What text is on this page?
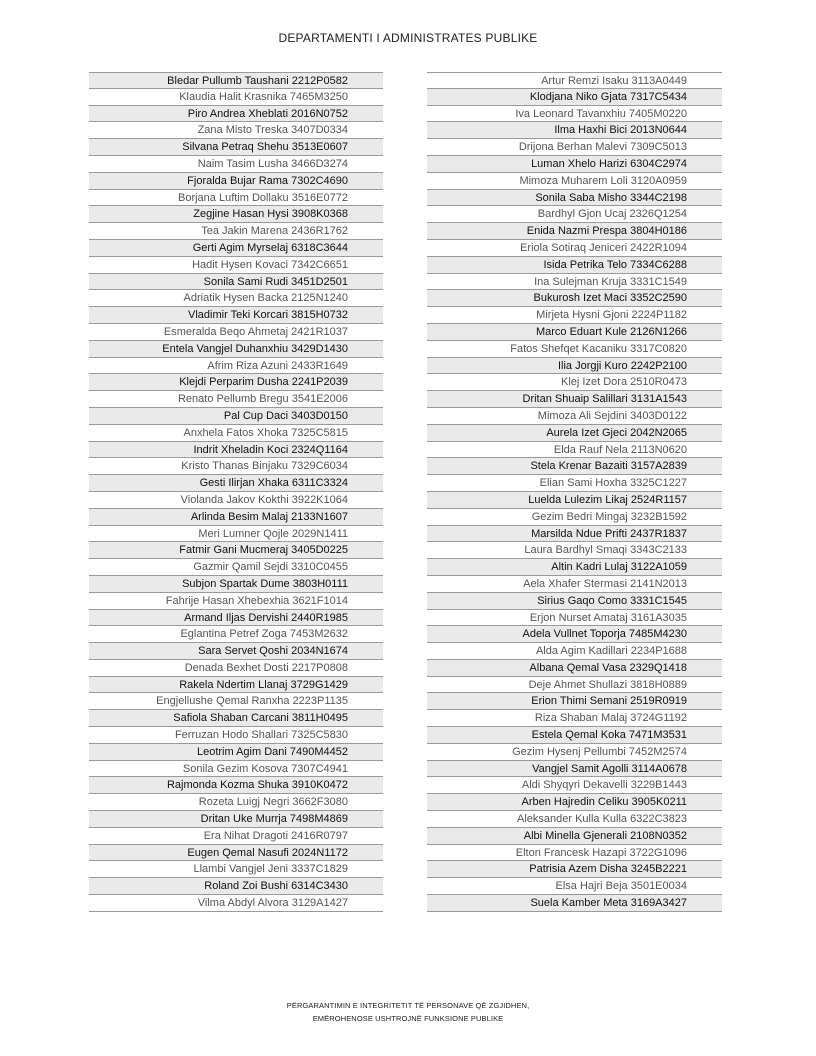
DEPARTAMENTI I ADMINISTRATES PUBLIKE
Bledar Pullumb Taushani 2212P0582
Klaudia Halit Krasnika 7465M3250
Piro Andrea Xheblati 2016N0752
Zana Misto Treska 3407D0334
Silvana Petraq Shehu 3513E0607
Naim Tasim Lusha 3466D3274
Fjoralda Bujar Rama 7302C4690
Borjana Luftim Dollaku 3516E0772
Zegjine Hasan Hysi 3908K0368
Tea Jakin Marena 2436R1762
Gerti Agim Myrselaj 6318C3644
Hadit Hysen Kovaci 7342C6651
Sonila Sami Rudi 3451D2501
Adriatik Hysen Backa 2125N1240
Vladimir Teki Korcari 3815H0732
Esmeralda Beqo Ahmetaj 2421R1037
Entela Vangjel Duhanxhiu 3429D1430
Afrim Riza Azuni 2433R1649
Klejdi Perparim Dusha 2241P2039
Renato Pellumb Bregu 3541E2006
Pal Cup Daci 3403D0150
Anxhela Fatos Xhoka 7325C5815
Indrit Xheladin Koci 2324Q1164
Kristo Thanas Binjaku 7329C6034
Gesti Ilirjan Xhaka 6311C3324
Violanda Jakov Kokthi 3922K1064
Arlinda Besim Malaj 2133N1607
Meri Lumner Qojle 2029N1411
Fatmir Gani Mucmeraj 3405D0225
Gazmir Qamil Sejdi 3310C0455
Subjon Spartak Dume 3803H0111
Fahrije Hasan Xhebexhia 3621F1014
Armand Iljas Dervishi 2440R1985
Eglantina Petref Zoga 7453M2632
Sara Servet Qoshi 2034N1674
Denada Bexhet Dosti 2217P0808
Rakela Ndertim Llanaj 3729G1429
Engjellushe Qemal Ranxha 2223P1135
Safiola Shaban Carcani 3811H0495
Ferruzan Hodo Shallari 7325C5830
Leotrim Agim Dani 7490M4452
Sonila Gezim Kosova 7307C4941
Rajmonda Kozma Shuka 3910K0472
Rozeta Luigj Negri 3662F3080
Dritan Uke Murrja 7498M4869
Era Nihat Dragoti 2416R0797
Eugen Qemal Nasufi 2024N1172
Llambi Vangjel Jeni 3337C1829
Roland Zoi Bushi 6314C3430
Vilma Abdyl Alvora 3129A1427
Artur Remzi Isaku 3113A0449
Klodjana Niko Gjata 7317C5434
Iva Leonard Tavanxhiu 7405M0220
Ilma Haxhi Bici 2013N0644
Drijona Berhan Malevi 7309C5013
Luman Xhelo Harizi 6304C2974
Mimoza Muharem Loli 3120A0959
Sonila Saba Misho 3344C2198
Bardhyl Gjon Ucaj 2326Q1254
Enida Nazmi Prespa 3804H0186
Eriola Sotiraq Jeniceri 2422R1094
Isida Petrika Telo 7334C6288
Ina Sulejman Kruja 3331C1549
Bukurosh Izet Maci 3352C2590
Mirjeta Hysni Gjoni 2224P1182
Marco Eduart Kule 2126N1266
Fatos Shefqet Kacaniku 3317C0820
Ilia Jorgji Kuro 2242P2100
Klej Izet Dora 2510R0473
Dritan Shuaip Salillari 3131A1543
Mimoza Ali Sejdini 3403D0122
Aurela Izet Gjeci 2042N2065
Elda Rauf Nela 2113N0620
Stela Krenar Bazaiti 3157A2839
Elian Sami Hoxha 3325C1227
Luelda Lulezim Likaj 2524R1157
Gezim Bedri Mingaj 3232B1592
Marsilda Ndue Prifti 2437R1837
Laura Bardhyl Smaqi 3343C2133
Altin Kadri Lulaj 3122A1059
Aela Xhafer Stermasi 2141N2013
Sirius Gaqo Como 3331C1545
Erjon Nurset Amataj 3161A3035
Adela Vullnet Toporja 7485M4230
Alda Agim Kadillari 2234P1688
Albana Qemal Vasa 2329Q1418
Deje Ahmet Shullazi 3818H0889
Erion Thimi Semani 2519R0919
Riza Shaban Malaj 3724G1192
Estela Qemal Koka 7471M3531
Gezim Hysenj Pellumbi 7452M2574
Vangjel Samit Agolli 3114A0678
Aldi Shyqyri Dekavelli 3229B1443
Arben Hajredin Celiku 3905K0211
Aleksander Kulla Kulla 6322C3823
Albi Minella Gjenerali 2108N0352
Elton Francesk Hazapi 3722G1096
Patrisia Azem Disha 3245B2221
Elsa Hajri Beja 3501E0034
Suela Kamber Meta 3169A3427
PËRGARANTIMIN E INTEGRITETIT TË PERSONAVE QË ZGJIDHEN,
EMËROHENOSE USHTROJNË FUNKSIONE PUBLIKE
